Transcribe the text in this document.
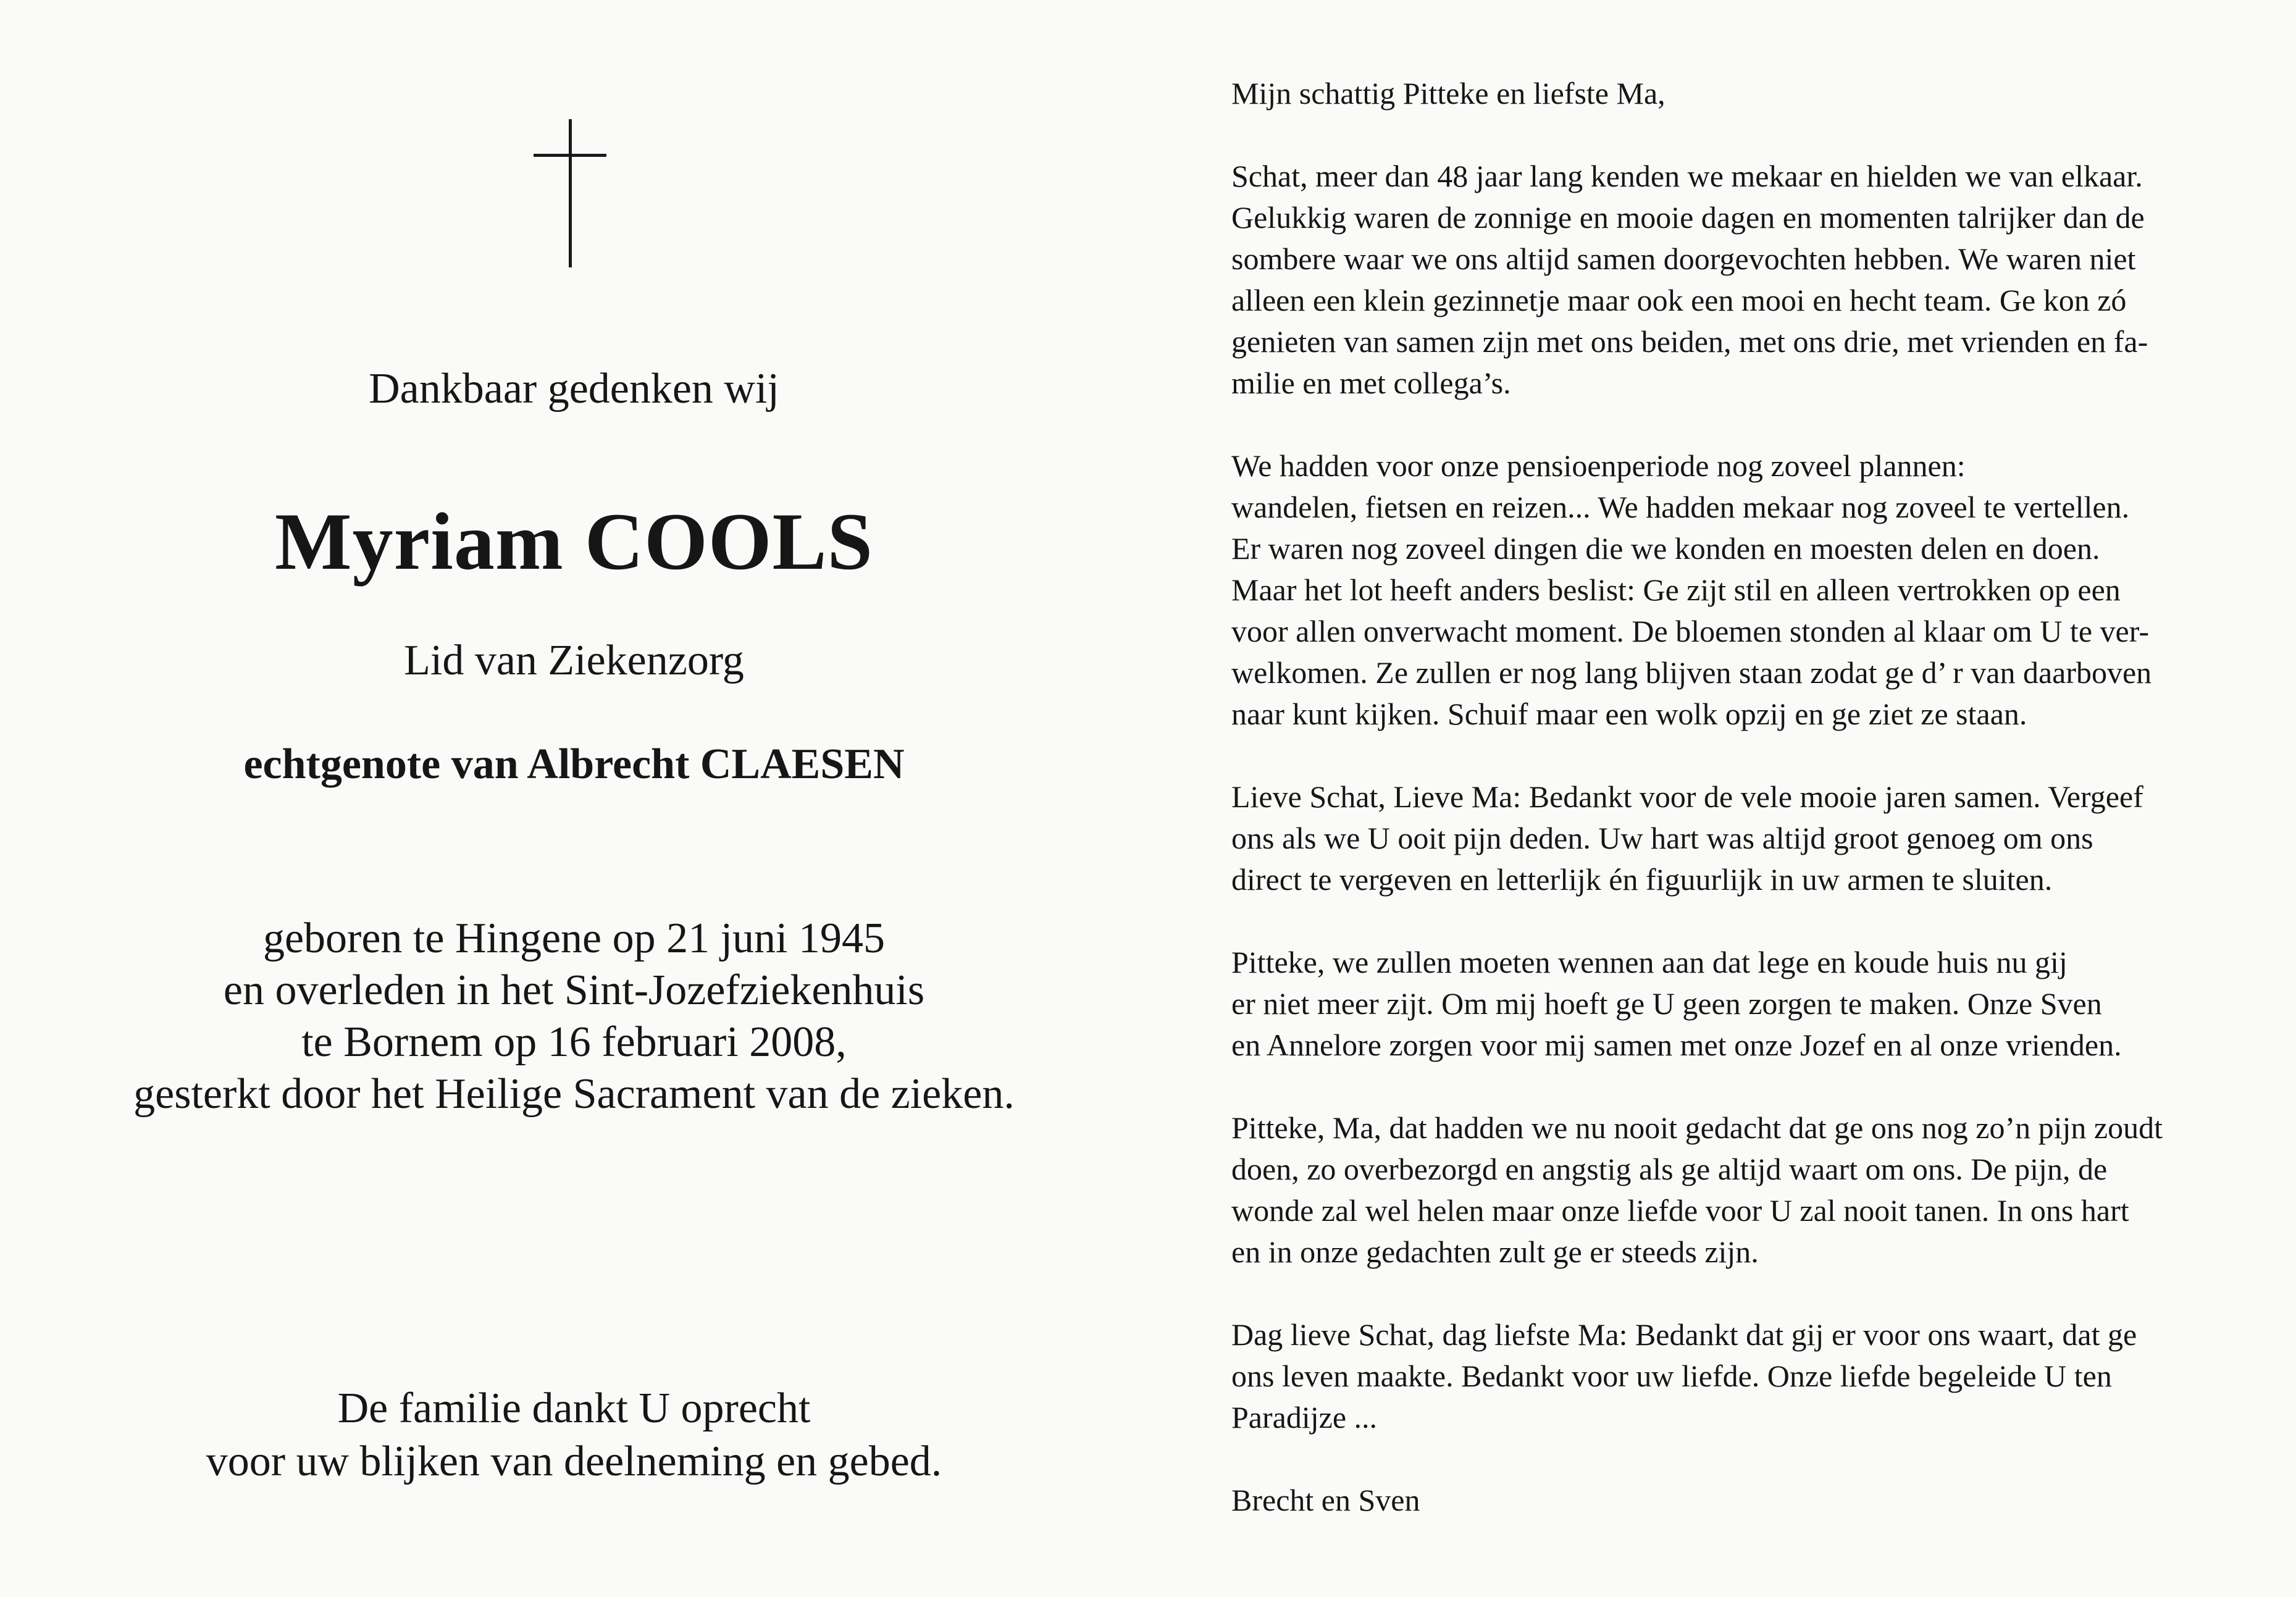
Dankbaar gedenken wij
Myriam COOLS
Lid van Ziekenzorg
echtgenote van Albrecht CLAESEN
geboren te Hingene op 21 juni 1945
en overleden in het Sint-Jozefziekenhuis
te Bornem op 16 februari 2008,
gesterkt door het Heilige Sacrament van de zieken.
De familie dankt U oprecht
voor uw blijken van deelneming en gebed.
Mijn schattig Pitteke en liefste Ma,
Schat, meer dan 48 jaar lang kenden we mekaar en hielden we van elkaar.
Gelukkig waren de zonnige en mooie dagen en momenten talrijker dan de
sombere waar we ons altijd samen doorgevochten hebben. We waren niet
alleen een klein gezinnetje maar ook een mooi en hecht team. Ge kon zó
genieten van samen zijn met ons beiden, met ons drie, met vrienden en fa-
milie en met collega’s.
We hadden voor onze pensioenperiode nog zoveel plannen:
wandelen, fietsen en reizen... We hadden mekaar nog zoveel te vertellen.
Er waren nog zoveel dingen die we konden en moesten delen en doen.
Maar het lot heeft anders beslist: Ge zijt stil en alleen vertrokken op een
voor allen onverwacht moment. De bloemen stonden al klaar om U te ver-
welkomen. Ze zullen er nog lang blijven staan zodat ge d’ r van daarboven
naar kunt kijken. Schuif maar een wolk opzij en ge ziet ze staan.
Lieve Schat, Lieve Ma: Bedankt voor de vele mooie jaren samen. Vergeef
ons als we U ooit pijn deden. Uw hart was altijd groot genoeg om ons
direct te vergeven en letterlijk én figuurlijk in uw armen te sluiten.
Pitteke, we zullen moeten wennen aan dat lege en koude huis nu gij
er niet meer zijt. Om mij hoeft ge U geen zorgen te maken. Onze Sven
en Annelore zorgen voor mij samen met onze Jozef en al onze vrienden.
Pitteke, Ma, dat hadden we nu nooit gedacht dat ge ons nog zo’n pijn zoudt
doen, zo overbezorgd en angstig als ge altijd waart om ons. De pijn, de
wonde zal wel helen maar onze liefde voor U zal nooit tanen. In ons hart
en in onze gedachten zult ge er steeds zijn.
Dag lieve Schat, dag liefste Ma: Bedankt dat gij er voor ons waart, dat ge
ons leven maakte. Bedankt voor uw liefde. Onze liefde begeleide U ten
Paradijze ...
Brecht en Sven
